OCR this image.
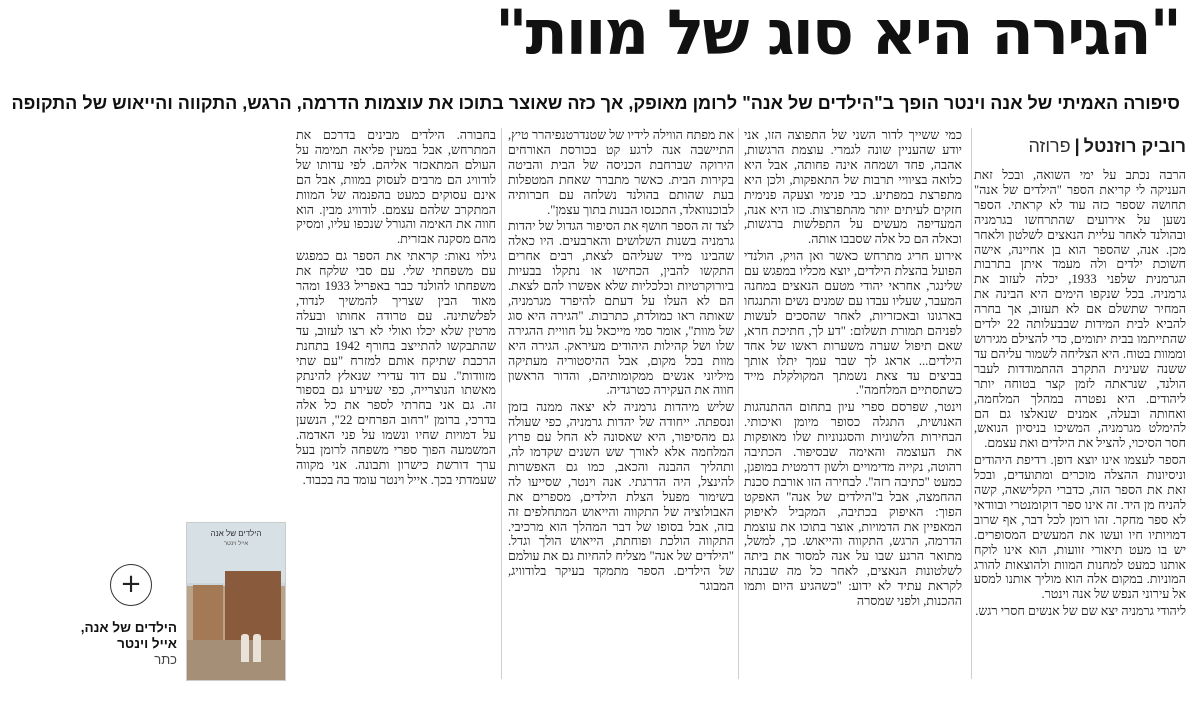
"הגירה היא סוג של מוות"
סיפורה האמיתי של אנה וינטר הופך ב"הילדים של אנה" לרומן מאופק, אך כזה שאוצר בתוכו את עוצמות הדרמה, הרגש, התקווה והייאוש של התקופה
רוביק רוזנטל|פרוזה

הרבה נכתב על ימי השואה, ובכל זאת העניקה לי קריאת הספר "הילדים של אנה" תחושה שספר כזה עוד לא קראתי. הספר נשען על אירועים שהתרחשו בגרמניה ובהולנד לאחר עליית הנאצים לשלטון ולאחר מכן. אנה, שהספר הוא בן אחיינה, אישה חשוכת ילדים ולה מעמד איתן בתרבות הגרמנית שלפני 1933, יכלה לעזוב את גרמניה. בכל שנקפו הימים היא הבינה את המחיר שתשלם אם לא תעזוב, אך בחרה להביא לבית המידות שבבעלותה 22 ילדים שהתייתמו בבית יתומים, כדי להצילם מגירוש וממוות בטוח. היא הצליחה לשמור עליהם עד ששנה שעינית התקרב ההתמודדות לעבר הולנד, שנראתה לזמן קצר בטוחה יותר ליהודים. היא נפטרה במהלך המלחמה, ואחותה ובעלה, אמנים שנאלצו גם הם להימלט מגרמניה, המשיכו בניסיון הנואש, חסר הסיכוי, להציל את הילדים ואת עצמם.

הספר לעצמו אינו יוצא דופן. רדיפת היהודים וניסיונות ההצלה מוכרים ומתועדים, ובכל זאת את הספר הזה, כדברי הקלישאה, קשה להניח מן היד. זה אינו ספר דוקומנטרי ובוודאי לא ספר מחקר. זהו רומן לכל דבר, אף שרוב דמויותיו חיו ועשו את המעשים המסופרים. יש בו מעט תיאורי זוועות, הוא אינו לוקח אותנו כמעט למחנות המוות ולהוצאות להורג המוניות. במקום אלה הוא מוליך אותנו למסע אל עירוני הנפש של אנה וינטר.

ליהודי גרמניה יצא שם של אנשים חסרי רגש.

כמי ששייך לדור השני של התפוצה הזו, אני יודע שהעניין שונה לגמרי. עוצמת הרגשות, אהבה, פחד ושמחה אינה פחותה, אבל היא כלואה בציוויי תרבות של התאפקות, ולכן היא מתפרצת במפתיע. כבי פנימי וצעקה פנימית חזקים לעיתים יותר מהתפרצות. כזו היא אנה, המעדיפה מעשים על התפלשות ברגשות, וכאלה הם כל אלה שסבבו אותה.

אירוע חריג מתרחש כאשר ואן הויק, הולנדי הפועל בהצלת הילדים, יוצא מכליו במפגש עם שלינגר, אחראי יהודי מטעם הנאצים במחנה המעבר, שעליו עבדו עם שמנים נשים והתנגחו בארגונו ובאכזריות, לאחר שהסכים לעשות לפניהם תמורת תשלום: "דע לך, חתיכת חרא, שאם תיפול שערה משערות ראשו של אחד הילדים... אראג לך שבר עמך יתלו אותך בביצים עד צאת נשמתך המקולקלת מייד כשתסתיים המלחמה".

וינטר, שפרסם ספרי עיון בתחום ההתנהגות האנושית, התגלה כסופר מיומן ואיכותי. הבחירות הלשוניות והסגנוניות שלו מאופקות את העוצמה והאימה שבסיפור. הכתיבה רהוטה, נקייה מדימויים ולשון דרמטית במופגן, כמעט "כתיבה רזה". לבחירה הזו אורבת סכנת ההחמצה, אבל ב"הילדים של אנה" האפקט הפוך: האיפוק בכתיבה, המקביל לאיפוק המאפיין את הדמויות, אוצר בתוכו את עוצמת הדרמה, הרגש, התקווה והייאוש. כך, למשל, מתואר הרגע שבו על אנה למסור את ביתה לשלטונות הנאצים, לאחר כל מה שבנתה לקראת עתיד לא ידוע: "כשהגיע היום ותמו ההכנות, ולפני שמסרה

את מפתח הווילה לידיו של שטנדרטנפיהרר טיץ, התיישבה אנה לרגע קט בכורסת האורחים הירוקה שברחבת הכניסה של הבית והביטה בקירות הבית. כאשר מתברר שאחת המטפלות בעת שהותם בהולנד נשלחה עם חברותיה לבוכנוואלד, התכנסו הבנות בתוך עצמן".

לצד זה הספר חושף את הסיפור הגדול של יהדות גרמניה בשנות השלושים והארבעים. היו כאלה שהבינו מייד שעליהם לצאת, רבים אחרים התקשו להבין, הכחישו או נתקלו בבעיות ביורוקרטיות וכלכליות שלא אפשרו להם לצאת. הם לא העלו על דעתם להיפרד מגרמניה, שאותה ראו כמולדת, כתרבות. "הגירה היא סוג של מוות", אומר סמי מייכאל על חוויית ההגירה שלו ושל קהילות היהודים מעיראק. הגירה היא מוות בכל מקום, אבל ההיסטוריה מעתיקה מיליוני אנשים ממקומותיהם, והדור הראשון חווה את העקירה כטרגדיה.

שליש מיהדות גרמניה לא יצאה ממנה בזמן ונספתה. ייחודה של יהדות גרמניה, כפי שעולה גם מהסיפור, היא שאסונה לא החל עם פרוץ המלחמה אלא לאורך שש השנים שקדמו לה, ותהליך ההבנה והכאב, כמו גם האפשרות להינצל, היה הדרגתי. אנה וינטר, שסייעו לה בשימור מפעל הצלת הילדים, מספרים את האבולוציה של התקווה והייאוש המתחלפים זה בזה, אבל בסופו של דבר המהלך הוא מרכיבי. התקווה הולכת ופוחתת, הייאוש הולך וגדל. "הילדים של אנה" מצליח להחיות גם את עולמם של הילדים. הספר מתמקד בעיקר בלודוויג, המבוגר

בחבורה. הילדים מבינים בדרכם את המתרחש, אבל במעין פליאה תמימה על העולם המתאכזר אליהם. לפי עדותו של לודוויג הם מרבים לעסוק במוות, אבל הם אינם עסוקים כמעט בהפנמה של המוות המתקרב שלהם עצמם. לודוויג מבין. הוא חווה את האימה והגורל שנכפו עליו, ומסיק מהם מסקנה אבזרית.

גילוי נאות: קראתי את הספר גם כמפגש עם משפחתי שלי. עם סבי שלקח את משפחתו להולנד כבר באפריל 1933 ומהר מאוד הבין שצריך להמשיך לנדוד, לפלשתינה. עם טרודה אחותו ובעלה מרטין שלא יכלו ואולי לא רצו לעזוב, עד שהתבקשו להתייצב בחורף 1942 בתחנת הרכבת שתיקח אותם למזרח "עם שתי מזוודות". עם דוד עדירי שנאלץ להינתק מאשתו הנוצרייה, כפי שעירע גם בספור זה. גם אני בחרתי לספר את כל אלה בדרכי, ברומן "רחוב הפרחים 22", הנשען על דמויות שחיו ונשמו על פני האדמה. המשמעה הפוך ספרי משפחה לרומן בעל ערך דורשת כישרון ותבונה. אני מקווה שעמדתי בכך. אייל וינטר עומד בה בכבוד.

הילדים של אנה
אייל וינטר
+
הילדים של אנה,
אייל וינטר
כתר
